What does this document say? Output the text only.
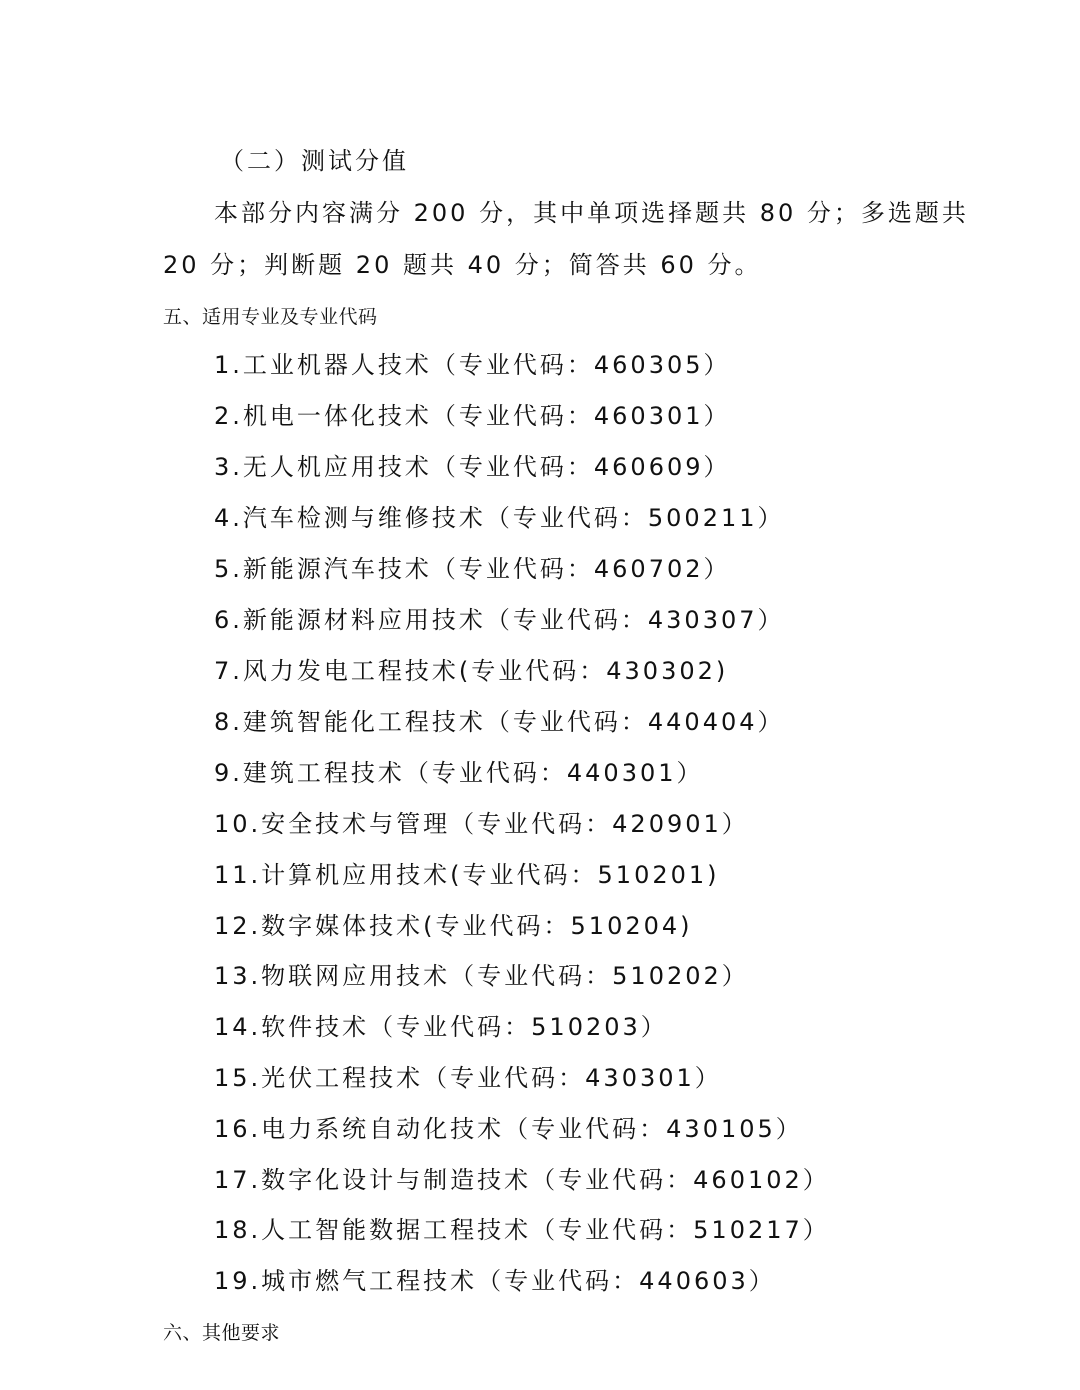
（二）测试分值
本部分内容满分 200 分，其中单项选择题共 80 分；多选题共
20 分；判断题 20 题共 40 分；简答共 60 分。
五、适用专业及专业代码
1.工业机器人技术（专业代码：460305）
2.机电一体化技术（专业代码：460301）
3.无人机应用技术（专业代码：460609）
4.汽车检测与维修技术（专业代码：500211）
5.新能源汽车技术（专业代码：460702）
6.新能源材料应用技术（专业代码：430307）
7.风力发电工程技术(专业代码：430302)
8.建筑智能化工程技术（专业代码：440404）
9.建筑工程技术（专业代码：440301）
10.安全技术与管理（专业代码：420901）
11.计算机应用技术(专业代码：510201)
12.数字媒体技术(专业代码：510204)
13.物联网应用技术（专业代码：510202）
14.软件技术（专业代码：510203）
15.光伏工程技术（专业代码：430301）
16.电力系统自动化技术（专业代码：430105）
17.数字化设计与制造技术（专业代码：460102）
18.人工智能数据工程技术（专业代码：510217）
19.城市燃气工程技术（专业代码：440603）
六、其他要求
